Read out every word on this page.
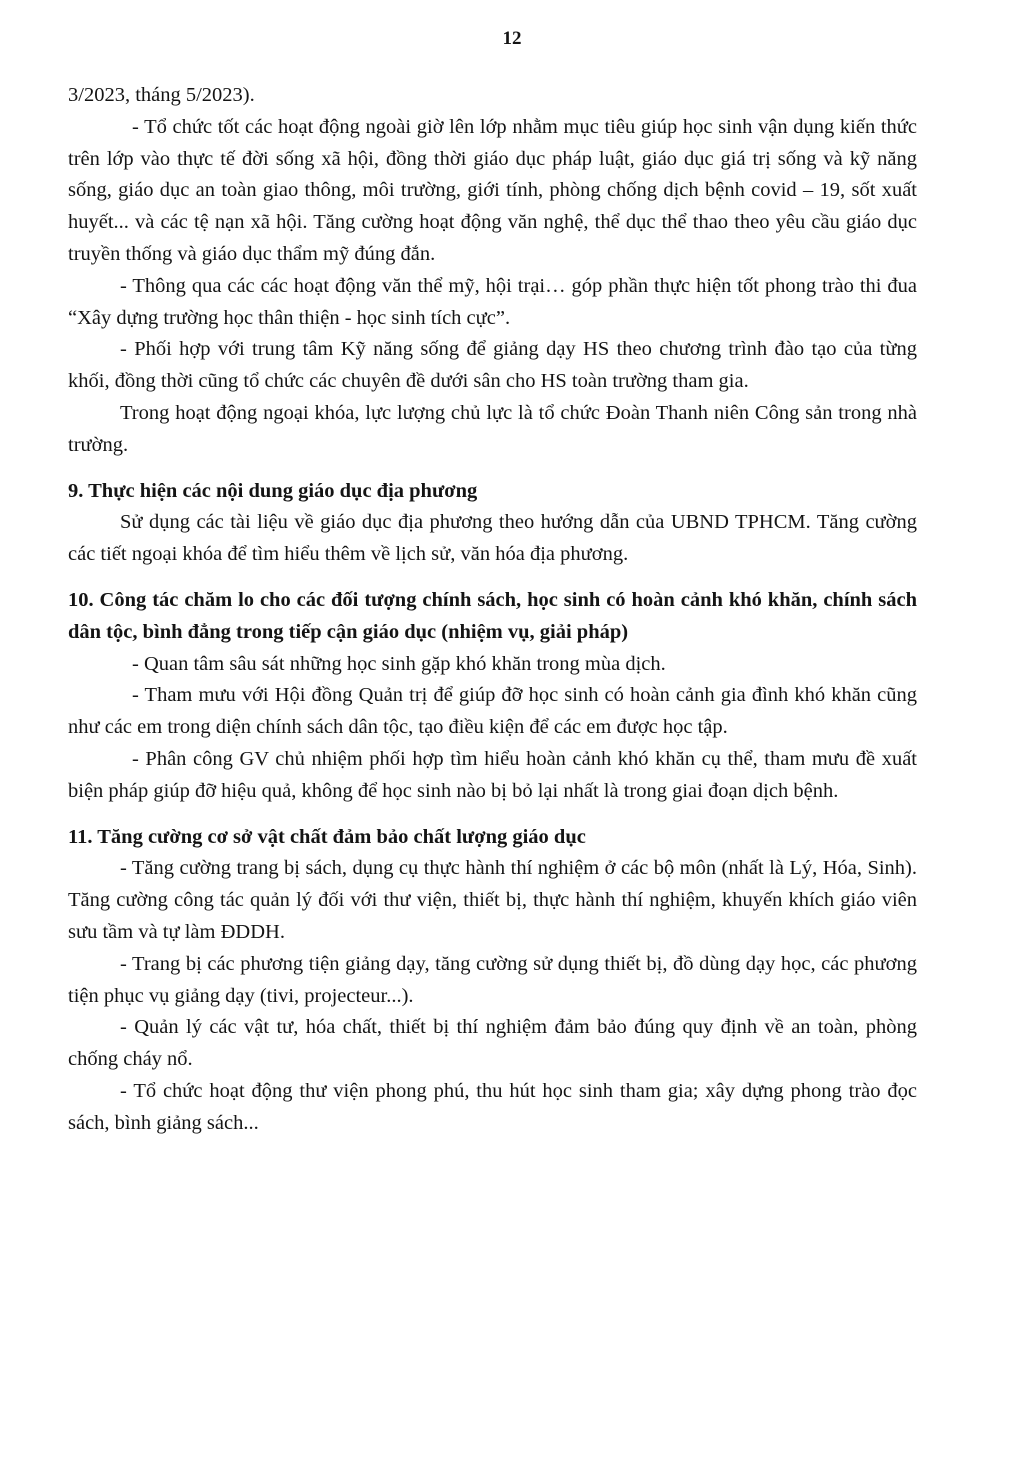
12

3/2023, tháng 5/2023).

- Tổ chức tốt các hoạt động ngoài giờ lên lớp nhằm mục tiêu giúp học sinh vận dụng kiến thức trên lớp vào thực tế đời sống xã hội, đồng thời giáo dục pháp luật, giáo dục giá trị sống và kỹ năng sống, giáo dục an toàn giao thông, môi trường, giới tính, phòng chống dịch bệnh covid – 19, sốt xuất huyết... và các tệ nạn xã hội. Tăng cường hoạt động văn nghệ, thể dục thể thao theo yêu cầu giáo dục truyền thống và giáo dục thẩm mỹ đúng đắn.

- Thông qua các các hoạt động văn thể mỹ, hội trại… góp phần thực hiện tốt phong trào thi đua “Xây dựng trường học thân thiện - học sinh tích cực”.

- Phối hợp với trung tâm Kỹ năng sống để giảng dạy HS theo chương trình đào tạo của từng khối, đồng thời cũng tổ chức các chuyên đề dưới sân cho HS toàn trường tham gia.

Trong hoạt động ngoại khóa, lực lượng chủ lực là tổ chức Đoàn Thanh niên Công sản trong nhà trường.

9. Thực hiện các nội dung giáo dục địa phương

Sử dụng các tài liệu về giáo dục địa phương theo hướng dẫn của UBND TPHCM. Tăng cường các tiết ngoại khóa để tìm hiểu thêm về lịch sử, văn hóa địa phương.

10. Công tác chăm lo cho các đối tượng chính sách, học sinh có hoàn cảnh khó khăn, chính sách dân tộc, bình đẳng trong tiếp cận giáo dục (nhiệm vụ, giải pháp)

- Quan tâm sâu sát những học sinh gặp khó khăn trong mùa dịch.

- Tham mưu với Hội đồng Quản trị để giúp đỡ học sinh có hoàn cảnh gia đình khó khăn cũng như các em trong diện chính sách dân tộc, tạo điều kiện để các em được học tập.

- Phân công GV chủ nhiệm phối hợp tìm hiểu hoàn cảnh khó khăn cụ thể, tham mưu đề xuất biện pháp giúp đỡ hiệu quả, không để học sinh nào bị bỏ lại nhất là trong giai đoạn dịch bệnh.

11. Tăng cường cơ sở vật chất đảm bảo chất lượng giáo dục

- Tăng cường trang bị sách, dụng cụ thực hành thí nghiệm ở các bộ môn (nhất là Lý, Hóa, Sinh). Tăng cường công tác quản lý đối với thư viện, thiết bị, thực hành thí nghiệm, khuyến khích giáo viên sưu tầm và tự làm ĐDDH.

- Trang bị các phương tiện giảng dạy, tăng cường sử dụng thiết bị, đồ dùng dạy học, các phương tiện phục vụ giảng dạy (tivi, projecteur...).

- Quản lý các vật tư, hóa chất, thiết bị thí nghiệm đảm bảo đúng quy định về an toàn, phòng chống cháy nổ.

- Tổ chức hoạt động thư viện phong phú, thu hút học sinh tham gia; xây dựng phong trào đọc sách, bình giảng sách...
